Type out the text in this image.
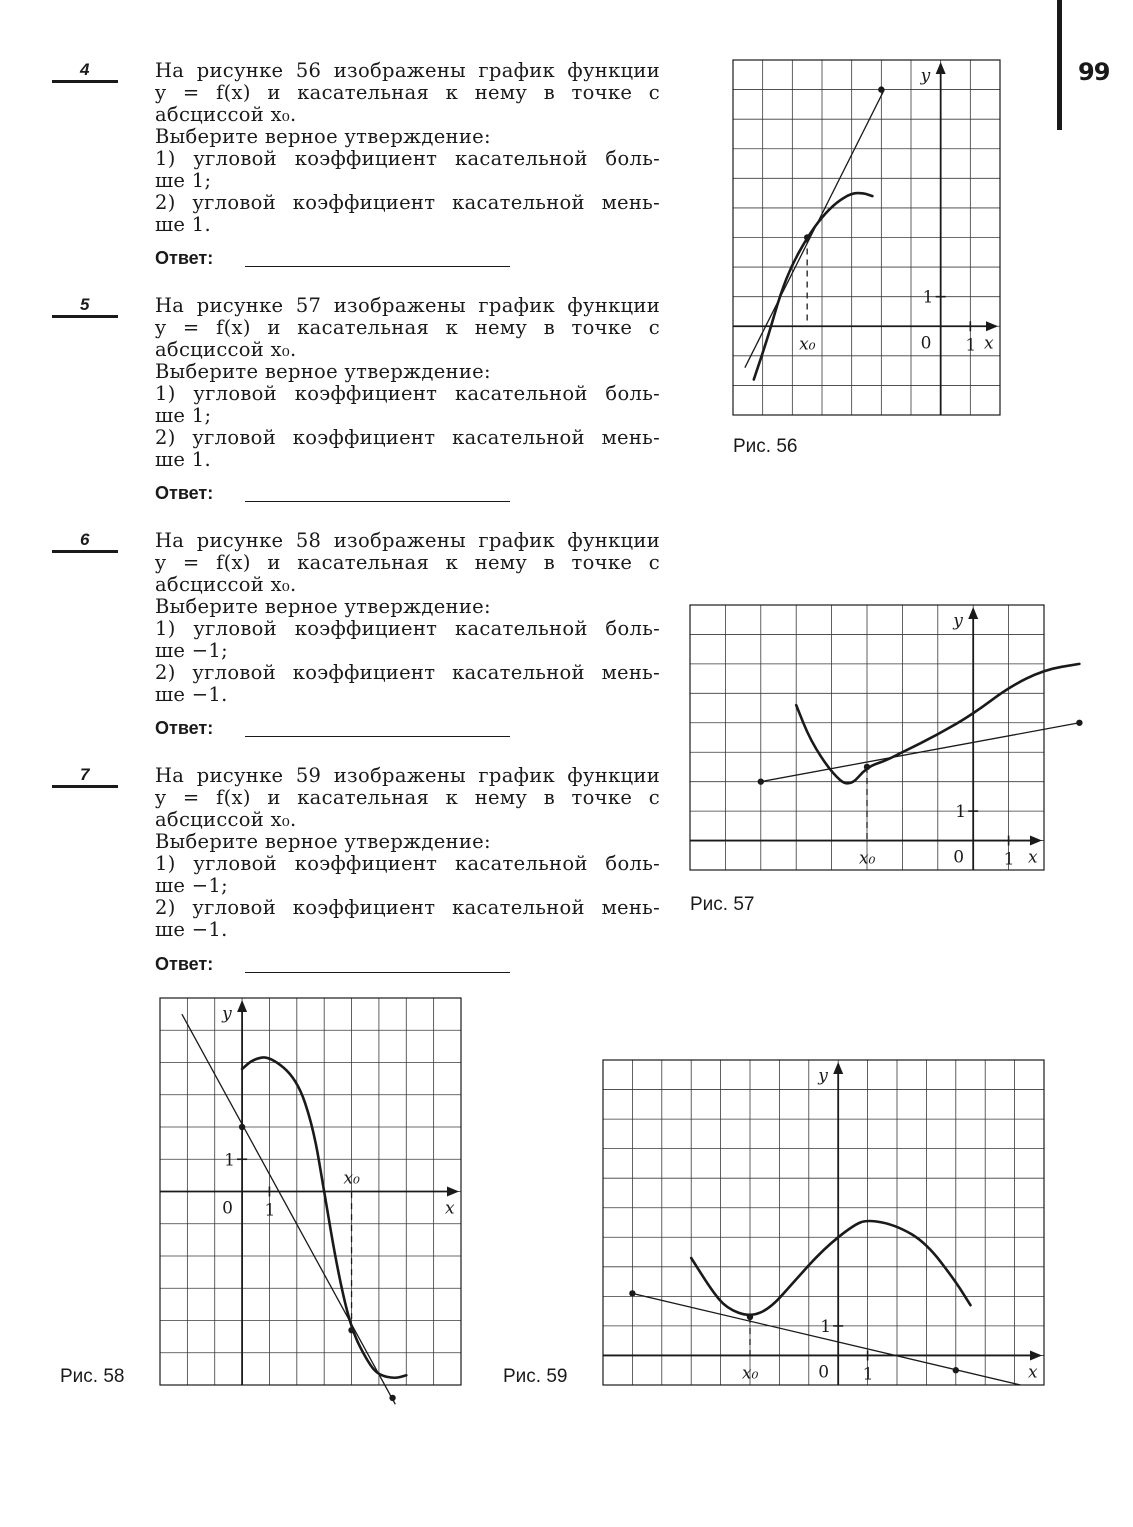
99
4	На рисунке 56 изображены график функции

y = f(x) и касательная к нему в точке с

абсциссой x₀.

Выберите верное утверждение:

1) угловой коэффициент касательной боль-

ше 1;

2) угловой коэффициент касательной мень-

ше 1.

Ответ:
5	На рисунке 57 изображены график функции

y = f(x) и касательная к нему в точке с

абсциссой x₀.

Выберите верное утверждение:

1) угловой коэффициент касательной боль-

ше 1;

2) угловой коэффициент касательной мень-

ше 1.

Ответ:
6	На рисунке 58 изображены график функции

y = f(x) и касательная к нему в точке с

абсциссой x₀.

Выберите верное утверждение:

1) угловой коэффициент касательной боль-

ше −1;

2) угловой коэффициент касательной мень-

ше −1.

Ответ:
7	На рисунке 59 изображены график функции

y = f(x) и касательная к нему в точке с

абсциссой x₀.

Выберите верное утверждение:

1) угловой коэффициент касательной боль-

ше −1;

2) угловой коэффициент касательной мень-

ше −1.

Ответ:
x
y
0 1
1
x₀
Рис. 56
x
y
0 1
1
x₀
Рис. 57
x
y
0 1
1
x₀
Рис. 58	x
y
0 1
1
x₀
Рис. 59
